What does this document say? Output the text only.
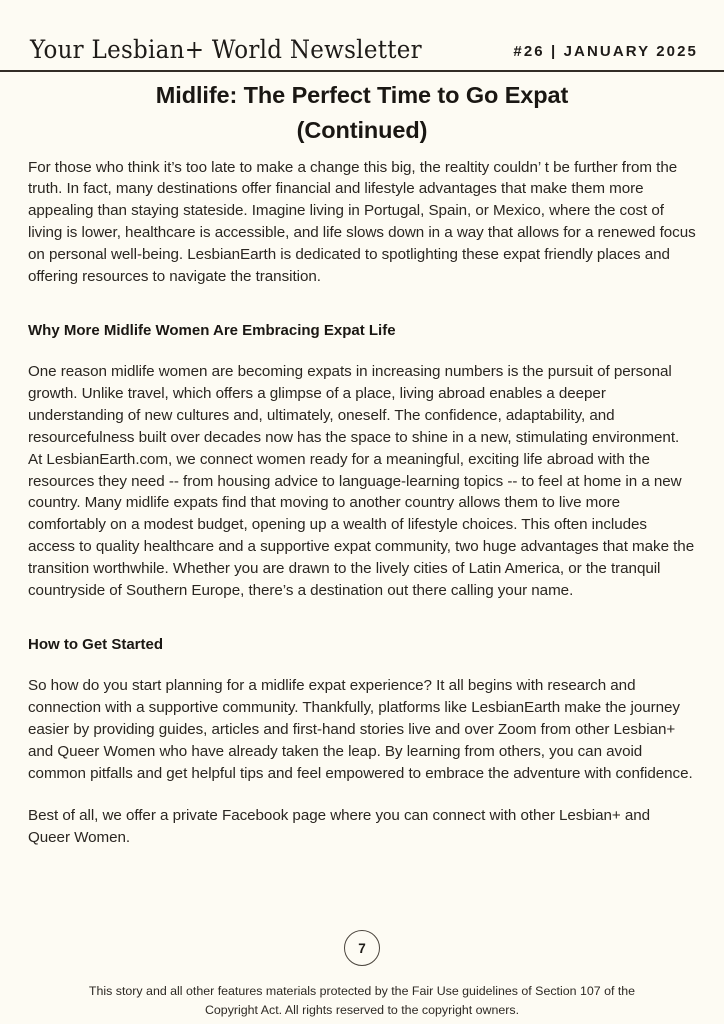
Your Lesbian+ World Newsletter	#26 | JANUARY 2025
Midlife: The Perfect Time to Go Expat
(Continued)

For those who think it’s too late to make a change this big, the realtity couldn’ t be further from the truth. In fact, many destinations offer financial and lifestyle advantages that make them more appealing than staying stateside. Imagine living in Portugal, Spain, or Mexico, where the cost of living is lower, healthcare is accessible, and life slows down in a way that allows for a renewed focus on personal well-being. LesbianEarth is dedicated to spotlighting these expat friendly places and offering resources to navigate the transition.

Why More Midlife Women Are Embracing Expat Life

One reason midlife women are becoming expats in increasing numbers is the pursuit of personal growth. Unlike travel, which offers a glimpse of a place, living abroad enables a deeper understanding of new cultures and, ultimately, oneself. The confidence, adaptability, and resourcefulness built over decades now has the space to shine in a new, stimulating environment. At LesbianEarth.com, we connect women ready for a meaningful, exciting life abroad with the resources they need -- from housing advice to language-learning topics -- to feel at home in a new country. Many midlife expats find that moving to another country allows them to live more comfortably on a modest budget, opening up a wealth of lifestyle choices. This often includes access to quality healthcare and a supportive expat community, two huge advantages that make the transition worthwhile. Whether you are drawn to the lively cities of Latin America, or the tranquil countryside of Southern Europe, there’s a destination out there calling your name.

How to Get Started

So how do you start planning for a midlife expat experience? It all begins with research and connection with a supportive community. Thankfully, platforms like LesbianEarth make the journey easier by providing guides, articles and first-hand stories live and over Zoom from other Lesbian+ and Queer Women who have already taken the leap. By learning from others, you can avoid common pitfalls and get helpful tips and feel empowered to embrace the adventure with confidence.

Best of all, we offer a private Facebook page where you can connect with other Lesbian+ and Queer Women.

7
This story and all other features materials protected by the Fair Use guidelines of Section 107 of the
Copyright Act. All rights reserved to the copyright owners.
